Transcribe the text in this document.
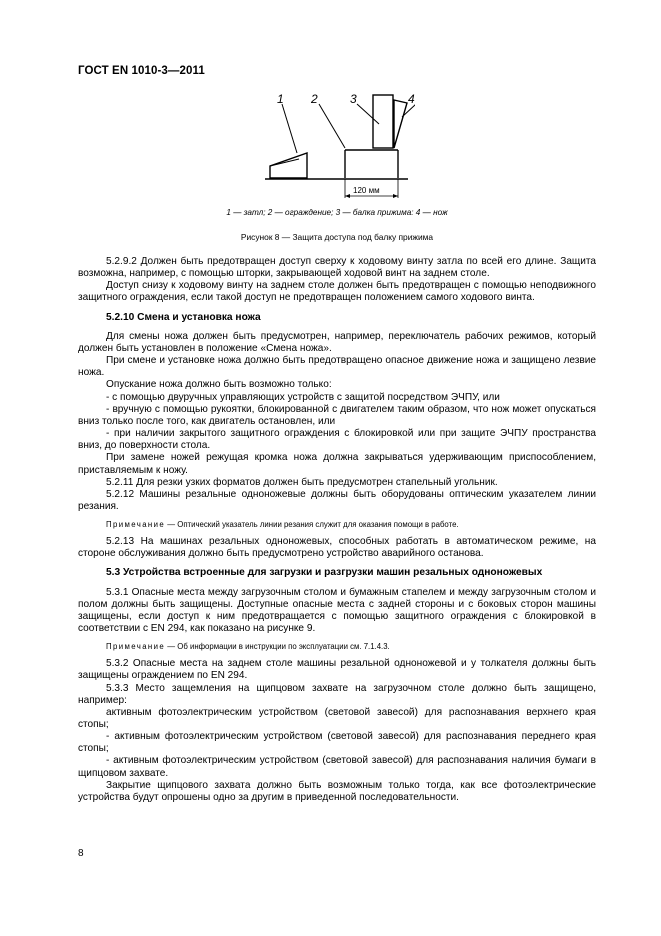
ГОСТ EN 1010-3—2011
1 2	3	4
120 мм
1 — затл; 2 — ограждение; 3 — балка прижима: 4 — нож
Рисунок 8 — Защита доступа под балку прижима

5.2.9.2 Должен быть предотвращен доступ сверху к ходовому винту затла по всей его длине. Защита возможна, например, с помощью шторки, закрывающей ходовой винт на заднем столе.

Доступ снизу к ходовому винту на заднем столе должен быть предотвращен с помощью неподвижного защитного ограждения, если такой доступ не предотвращен положением самого ходового винта.

5.2.10 Смена и установка ножа

Для смены ножа должен быть предусмотрен, например, переключатель рабочих режимов, который должен быть установлен в положение «Смена ножа».

При смене и установке ножа должно быть предотвращено опасное движение ножа и защищено лезвие ножа.

Опускание ножа должно быть возможно только:

- с помощью двуручных управляющих устройств с защитой посредством ЭЧПУ, или

- вручную с помощью рукоятки, блокированной с двигателем таким образом, что нож может опускаться вниз только после того, как двигатель остановлен, или

- при наличии закрытого защитного ограждения с блокировкой или при защите ЭЧПУ пространства вниз, до поверхности стола.

При замене ножей режущая кромка ножа должна закрываться удерживающим приспособлением, приставляемым к ножу.

5.2.11 Для резки узких форматов должен быть предусмотрен стапельный угольник.

5.2.12 Машины резальные одноножевые должны быть оборудованы оптическим указателем линии резания.

Примечание — Оптический указатель линии резания служит для оказания помощи в работе.

5.2.13 На машинах резальных одноножевых, способных работать в автоматическом режиме, на стороне обслуживания должно быть предусмотрено устройство аварийного останова.

5.3 Устройства встроенные для загрузки и разгрузки машин резальных одноножевых

5.3.1 Опасные места между загрузочным столом и бумажным стапелем и между загрузочным столом и полом должны быть защищены. Доступные опасные места с задней стороны и с боковых сторон машины защищены, если доступ к ним предотвращается с помощью защитного ограждения с блокировкой в соответствии с EN 294, как показано на рисунке 9.

Примечание — Об информации в инструкции по эксплуатации см. 7.1.4.3.

5.3.2 Опасные места на заднем столе машины резальной одноножевой и у толкателя должны быть защищены ограждением по EN 294.

5.3.3 Место защемления на щипцовом захвате на загрузочном столе должно быть защищено, например:

активным фотоэлектрическим устройством (световой завесой) для распознавания верхнего края стопы;

- активным фотоэлектрическим устройством (световой завесой) для распознавания переднего края стопы;

- активным фотоэлектрическим устройством (световой завесой) для распознавания наличия бумаги в щипцовом захвате.

Закрытие щипцового захвата должно быть возможным только тогда, как все фотоэлектрические устройства будут опрошены одно за другим в приведенной последовательности.

8
